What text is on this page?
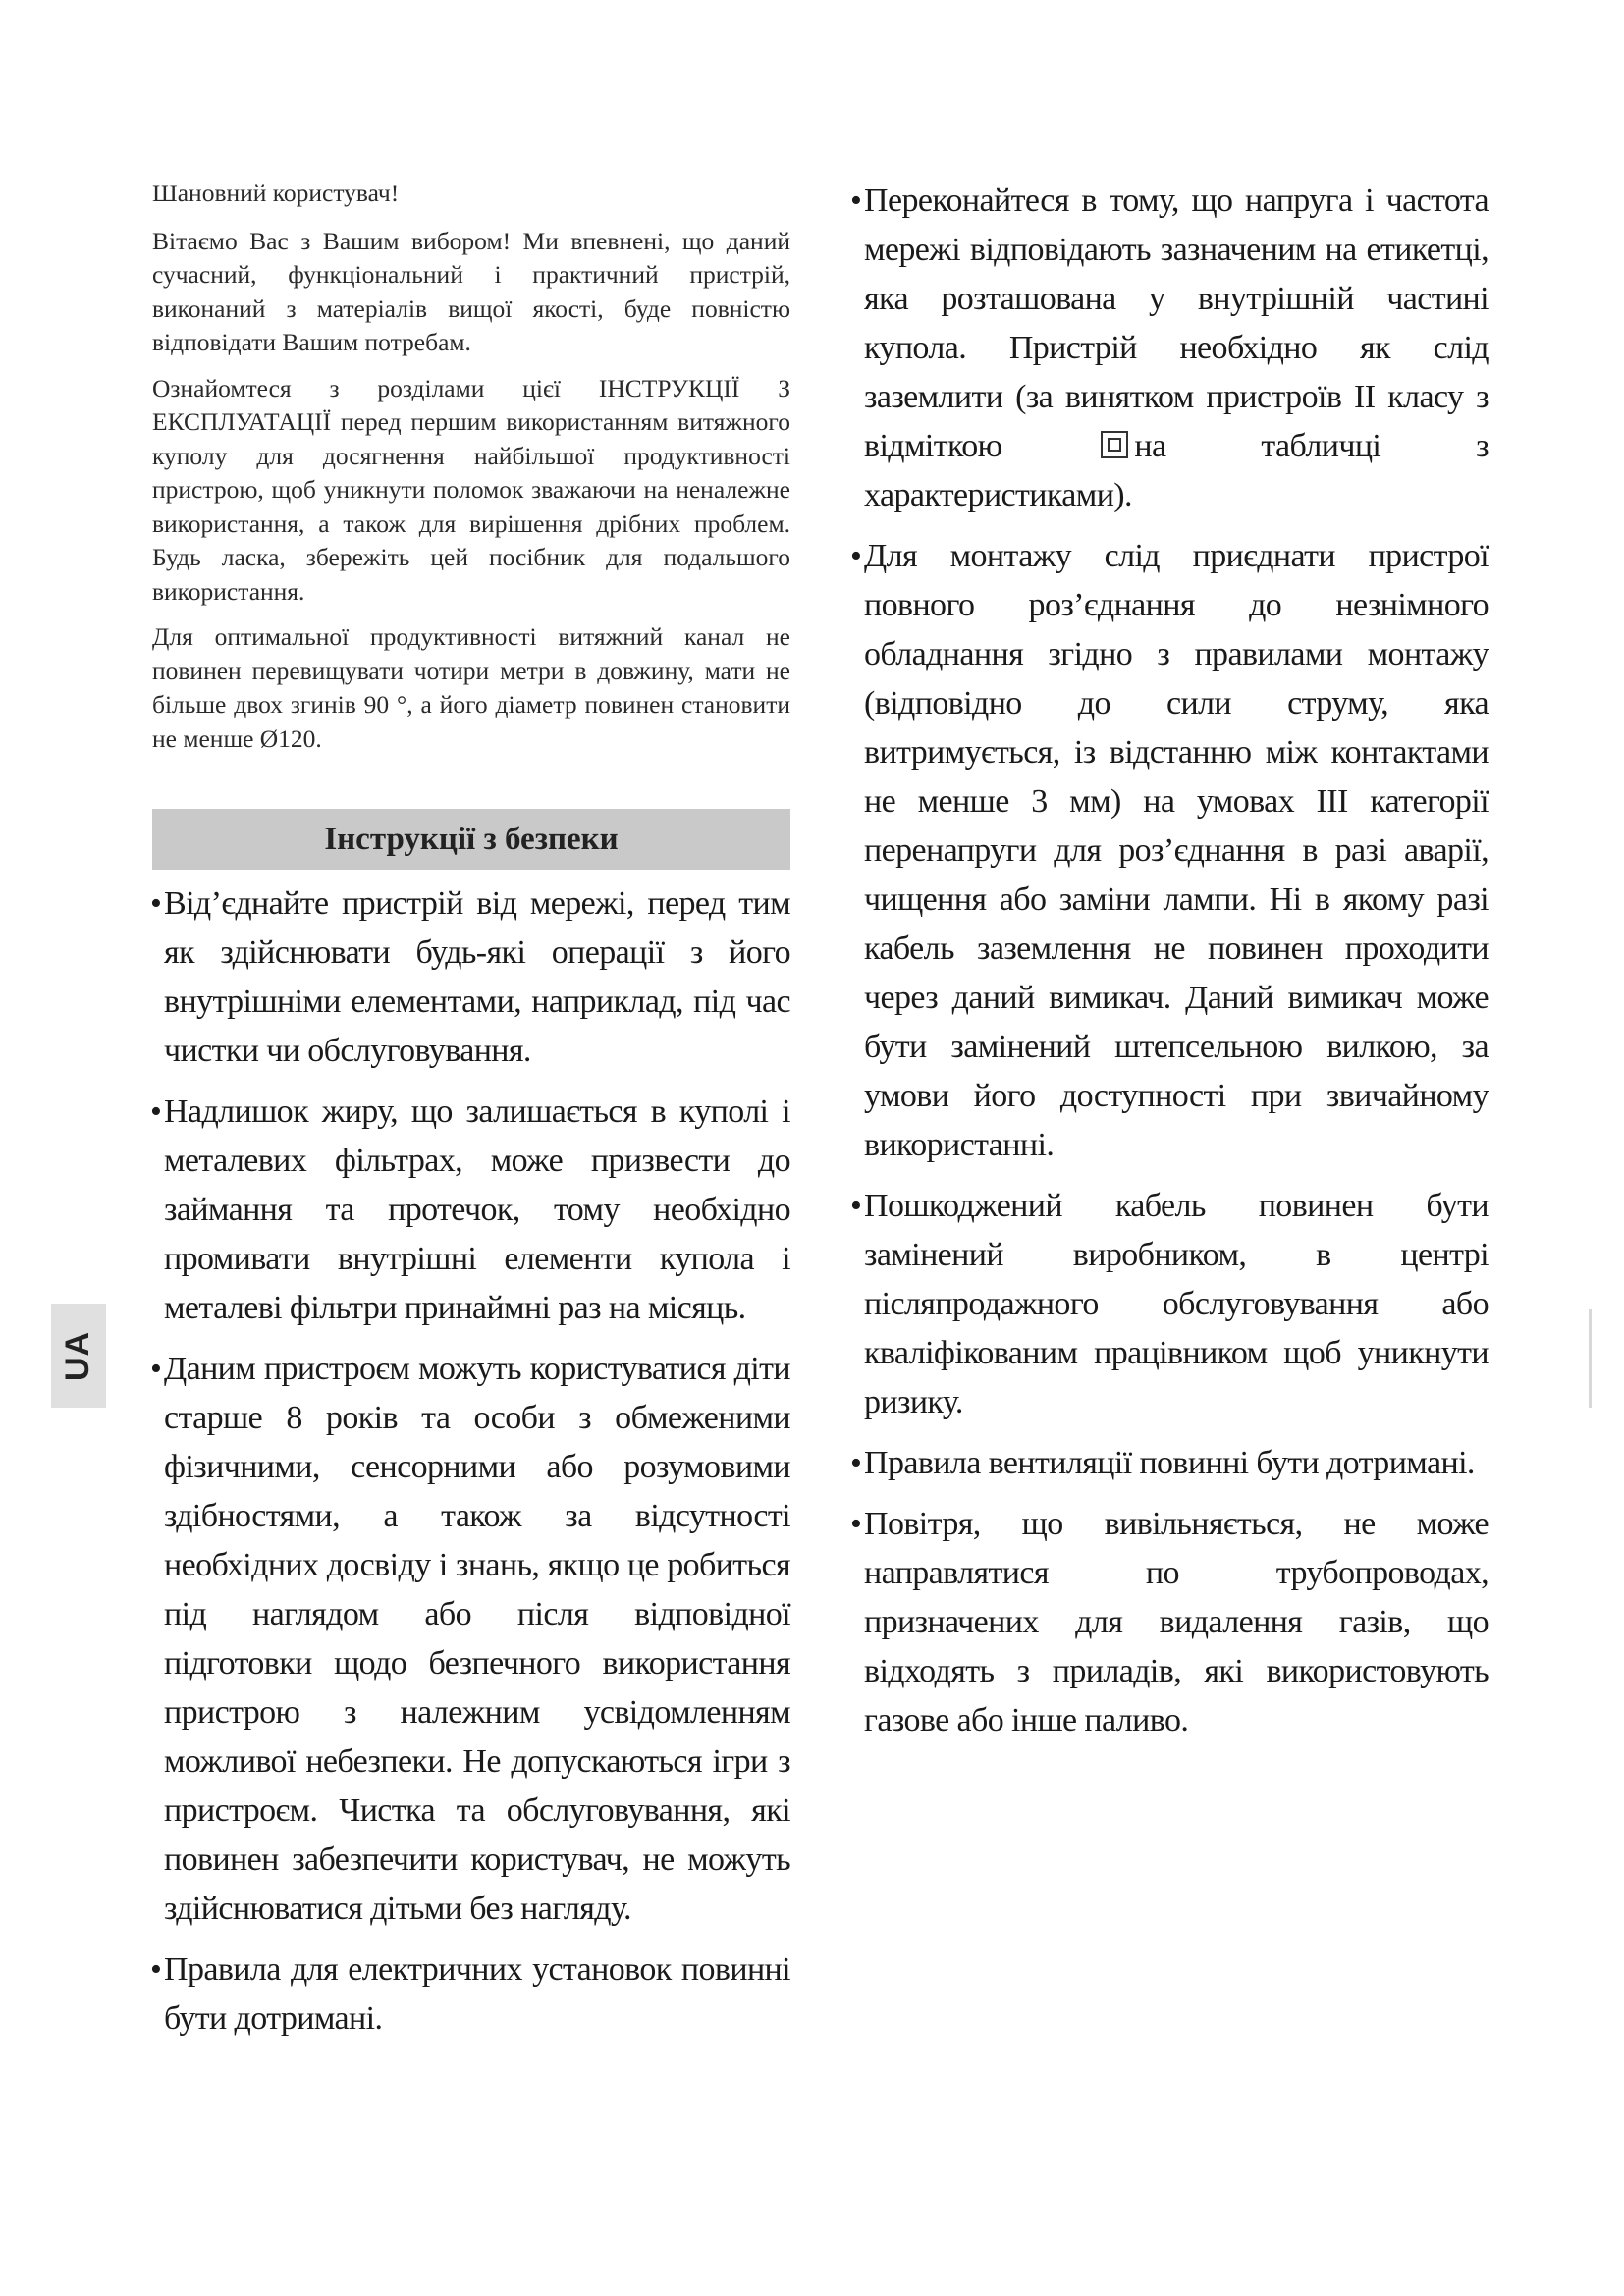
Шановний користувач!

Вітаємо Вас з Вашим вибором! Ми впевнені, що даний сучасний, функціональний і практичний пристрій, виконаний з матеріалів вищої якості, буде повністю відповідати Вашим потребам.

Ознайомтеся з розділами цієї ІНСТРУКЦІЇ З ЕКСПЛУАТАЦІЇ перед першим використанням витяжного куполу для досягнення найбільшої продуктивності пристрою, щоб уникнути поломок зважаючи на неналежне використання, а також для вирішення дрібних проблем. Будь ласка, збережіть цей посібник для подальшого використання.

Для оптимальної продуктивності витяжний канал не повинен перевищувати чотири метри в довжину, мати не більше двох згинів 90 °, а його діаметр повинен становити не менше Ø120.

Інструкції з безпеки
• Від’єднайте пристрій від мережі, перед тим як здійснювати будь-які операції з його внутрішніми елементами, наприклад, під час чистки чи обслуговування.
• Надлишок жиру, що залишається в куполі і металевих фільтрах, може призвести до займання та протечок, тому необхідно промивати внутрішні елементи купола і металеві фільтри принаймні раз на місяць.
• Даним пристроєм можуть користуватися діти старше 8 років та особи з обмеженими фізичними, сенсорними або розумовими здібностями, а також за відсутності необхідних досвіду і знань, якщо це робиться під наглядом або після відповідної підготовки щодо безпечного використання пристрою з належним усвідомленням можливої небезпеки. Не допускаються ігри з пристроєм. Чистка та обслуговування, які повинен забезпечити користувач, не можуть здійснюватися дітьми без нагляду.
• Правила для електричних установок повинні бути дотримані.
• Переконайтеся в тому, що напруга і частота мережі відповідають зазначеним на етикетці, яка розташована у внутрішній частині купола. Пристрій необхідно як слід заземлити (за винятком пристроїв II класу з відміткою	на табличці з характеристиками).
• Для монтажу слід приєднати пристрої повного роз’єднання до незнімного обладнання згідно з правилами монтажу (відповідно до сили струму, яка витримується, із відстанню між контактами не менше 3 мм) на умовах III категорії перенапруги для роз’єднання в разі аварії, чищення або заміни лампи. Ні в якому разі кабель заземлення не повинен проходити через даний вимикач. Даний вимикач може бути замінений штепсельною вилкою, за умови його доступності при звичайному використанні.
• Пошкоджений кабель повинен бути замінений виробником, в центрі післяпродажного обслуговування або кваліфікованим працівником щоб уникнути ризику.
• Правила вентиляції повинні бути дотримані.
• Повітря, що вивільняється, не може направлятися по трубопроводах, призначених для видалення газів, що відходять з приладів, які використовують газове або інше паливо.
UA
